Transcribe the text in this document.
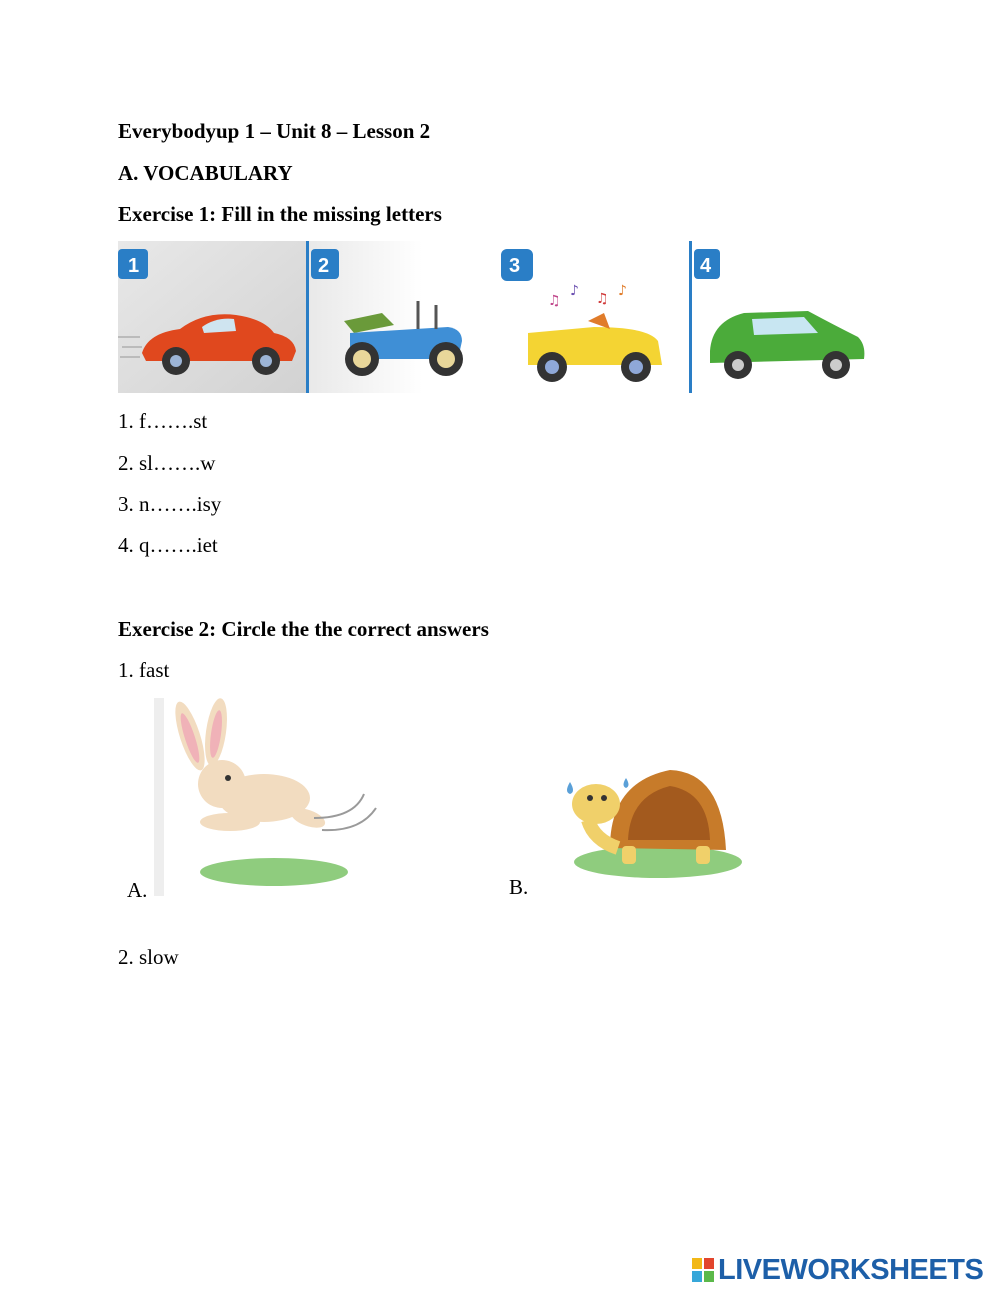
Everybodyup 1 – Unit 8 – Lesson 2
A. VOCABULARY
Exercise 1: Fill in the missing letters
1	2	3
♫
♪ ♫ ♪
4
1. f…….st
2. sl…….w
3. n…….isy
4. q…….iet
Exercise 2: Circle the the correct answers
1. fast
A.	B.
2. slow
LIVEWORKSHEETS
